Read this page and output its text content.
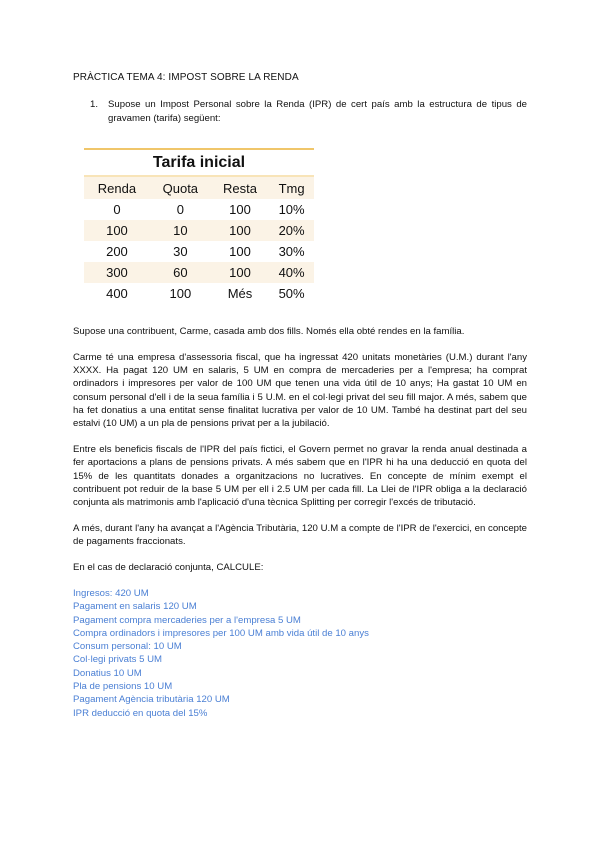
PRÀCTICA TEMA 4: IMPOST SOBRE LA RENDA
1. Supose un Impost Personal sobre la Renda (IPR) de cert país amb la estructura de tipus de gravamen (tarifa) següent:
Tarifa inicial			
Renda	Quota	Resta	Tmg
0	0	100	10%
100	10	100	20%
200	30	100	30%
300	60	100	40%
400	100	Més	50%

Supose una contribuent, Carme, casada amb dos fills. Només ella obté rendes en la família.

Carme té una empresa d'assessoria fiscal, que ha ingressat 420 unitats monetàries (U.M.) durant l'any XXXX. Ha pagat 120 UM en salaris, 5 UM en compra de mercaderies per a l'empresa; ha comprat ordinadors i impresores per valor de 100 UM que tenen una vida útil de 10 anys; Ha gastat 10 UM en consum personal d'ell i de la seua família i 5 U.M. en el col·legi privat del seu fill major. A més, sabem que ha fet donatius a una entitat sense finalitat lucrativa per valor de 10 UM. També ha destinat part del seu estalvi (10 UM) a un pla de pensions privat per a la jubilació.

Entre els beneficis fiscals de l'IPR del país fictici, el Govern permet no gravar la renda anual destinada a fer aportacions a plans de pensions privats. A més sabem que en l'IPR hi ha una deducció en quota del 15% de les quantitats donades a organitzacions no lucratives. En concepte de mínim exempt el contribuent pot reduir de la base 5 UM per ell i 2.5 UM per cada fill. La Llei de l'IPR obliga a la declaració conjunta als matrimonis amb l'aplicació d'una tècnica Splitting per corregir l'excés de tributació.

A més, durant l'any ha avançat a l'Agència Tributària, 120 U.M a compte de l'IPR de l'exercici, en concepte de pagaments fraccionats.

En el cas de declaració conjunta, CALCULE:

Ingresos: 420 UM
Pagament en salaris 120 UM
Pagament compra mercaderies per a l'empresa 5 UM
Compra ordinadors i impresores per 100 UM amb vida útil de 10 anys
Consum personal: 10 UM
Col·legi privats 5 UM
Donatius 10 UM
Pla de pensions 10 UM
Pagament Agència tributària 120 UM
IPR deducció en quota del 15%
